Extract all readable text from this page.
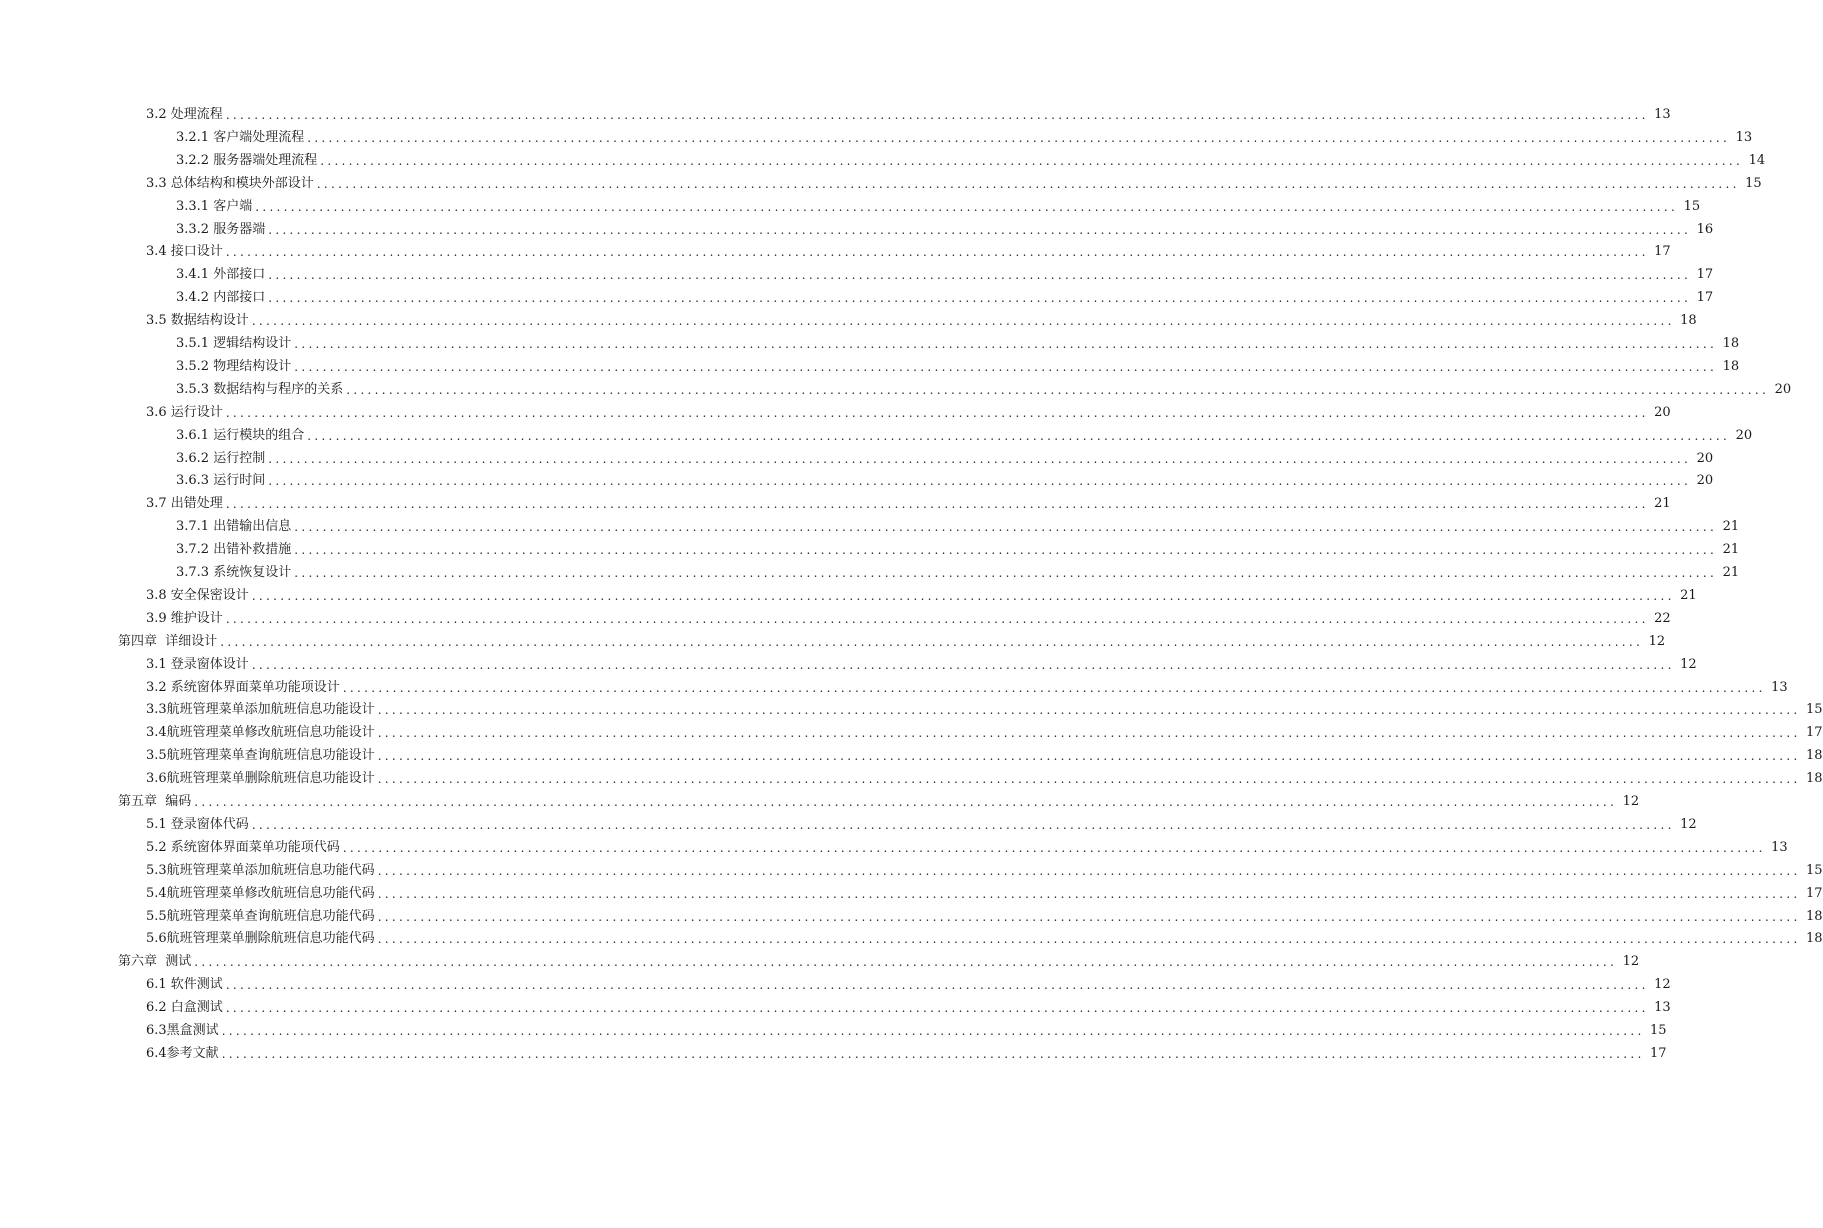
3.2 处理流程 ........................................................................................................................................................................................................ 13
3.2.1 客户端处理流程 ........................................................................................................................................................................................................ 13
3.2.2 服务器端处理流程 ........................................................................................................................................................................................................ 14
3.3 总体结构和模块外部设计 ........................................................................................................................................................................................................ 15
3.3.1 客户端 ........................................................................................................................................................................................................ 15
3.3.2 服务器端 ........................................................................................................................................................................................................ 16
3.4 接口设计 ........................................................................................................................................................................................................ 17
3.4.1 外部接口 ........................................................................................................................................................................................................ 17
3.4.2 内部接口 ........................................................................................................................................................................................................ 17
3.5 数据结构设计 ........................................................................................................................................................................................................ 18
3.5.1 逻辑结构设计 ........................................................................................................................................................................................................ 18
3.5.2 物理结构设计 ........................................................................................................................................................................................................ 18
3.5.3 数据结构与程序的关系 ........................................................................................................................................................................................................ 20
3.6 运行设计 ........................................................................................................................................................................................................ 20
3.6.1 运行模块的组合 ........................................................................................................................................................................................................ 20
3.6.2 运行控制 ........................................................................................................................................................................................................ 20
3.6.3 运行时间 ........................................................................................................................................................................................................ 20
3.7 出错处理 ........................................................................................................................................................................................................ 21
3.7.1 出错输出信息 ........................................................................................................................................................................................................ 21
3.7.2 出错补救措施 ........................................................................................................................................................................................................ 21
3.7.3 系统恢复设计 ........................................................................................................................................................................................................ 21
3.8 安全保密设计 ........................................................................................................................................................................................................ 21
3.9 维护设计 ........................................................................................................................................................................................................ 22
第四章  详细设计 ........................................................................................................................................................................................................ 12
3.1 登录窗体设计 ........................................................................................................................................................................................................ 12
3.2 系统窗体界面菜单功能项设计 ........................................................................................................................................................................................................ 13
3.3航班管理菜单添加航班信息功能设计 ........................................................................................................................................................................................................ 15
3.4航班管理菜单修改航班信息功能设计 ........................................................................................................................................................................................................ 17
3.5航班管理菜单查询航班信息功能设计 ........................................................................................................................................................................................................ 18
3.6航班管理菜单删除航班信息功能设计 ........................................................................................................................................................................................................ 18
第五章  编码 ........................................................................................................................................................................................................ 12
5.1 登录窗体代码 ........................................................................................................................................................................................................ 12
5.2 系统窗体界面菜单功能项代码 ........................................................................................................................................................................................................ 13
5.3航班管理菜单添加航班信息功能代码 ........................................................................................................................................................................................................ 15
5.4航班管理菜单修改航班信息功能代码 ........................................................................................................................................................................................................ 17
5.5航班管理菜单查询航班信息功能代码 ........................................................................................................................................................................................................ 18
5.6航班管理菜单删除航班信息功能代码 ........................................................................................................................................................................................................ 18
第六章  测试 ........................................................................................................................................................................................................ 12
6.1 软件测试 ........................................................................................................................................................................................................ 12
6.2 白盒测试 ........................................................................................................................................................................................................ 13
6.3黑盒测试 ........................................................................................................................................................................................................ 15
6.4参考文献 ........................................................................................................................................................................................................ 17
